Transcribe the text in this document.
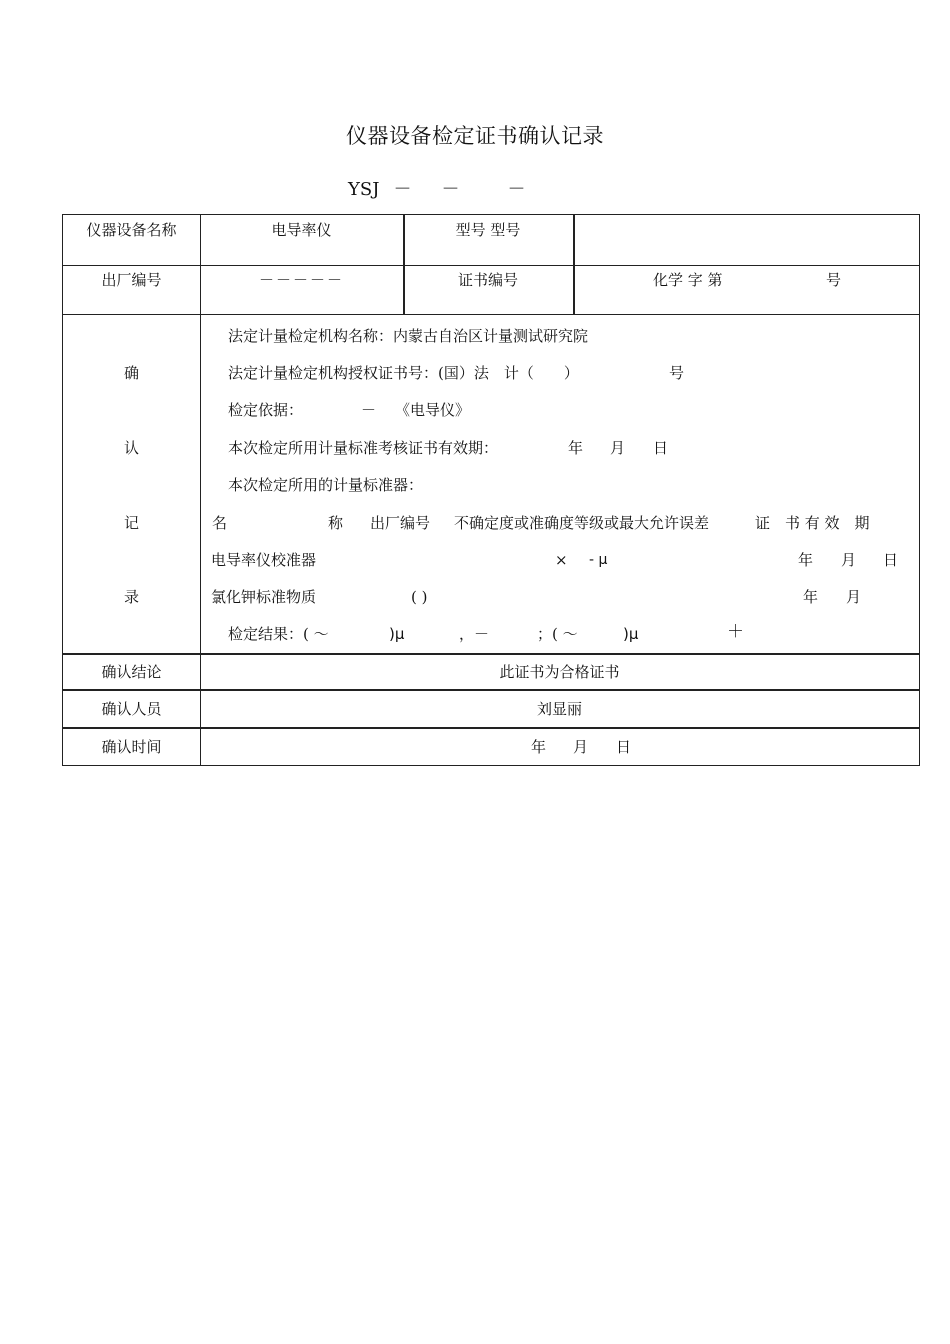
仪器设备检定证书确认记录
YSJ － －	－
仪器设备名称	电导率仪	型号 型号
出厂编号	－－－－－	证书编号	化学 字 第	号
确
认
记
录
法定计量检定机构名称：内蒙古自治区计量测试研究院
法定计量检定机构授权证书号：(国）法　计（　　）	号
检定依据：	－ 《电导仪》
本次检定所用计量标准考核证书有效期：	年 月 日
本次检定所用的计量标准器：
名	称 出厂编号 不确定度或准确度等级或最大允许误差	证　书 有 效　期
电导率仪校准器	× - μ	年 月 日
氯化钾标准物质	( )	年 月
检定结果：( ～	)μ	，－	；( ～	)μ	＋
确认结论	此证书为合格证书
确认人员	刘显丽
确认时间	年 月 日
